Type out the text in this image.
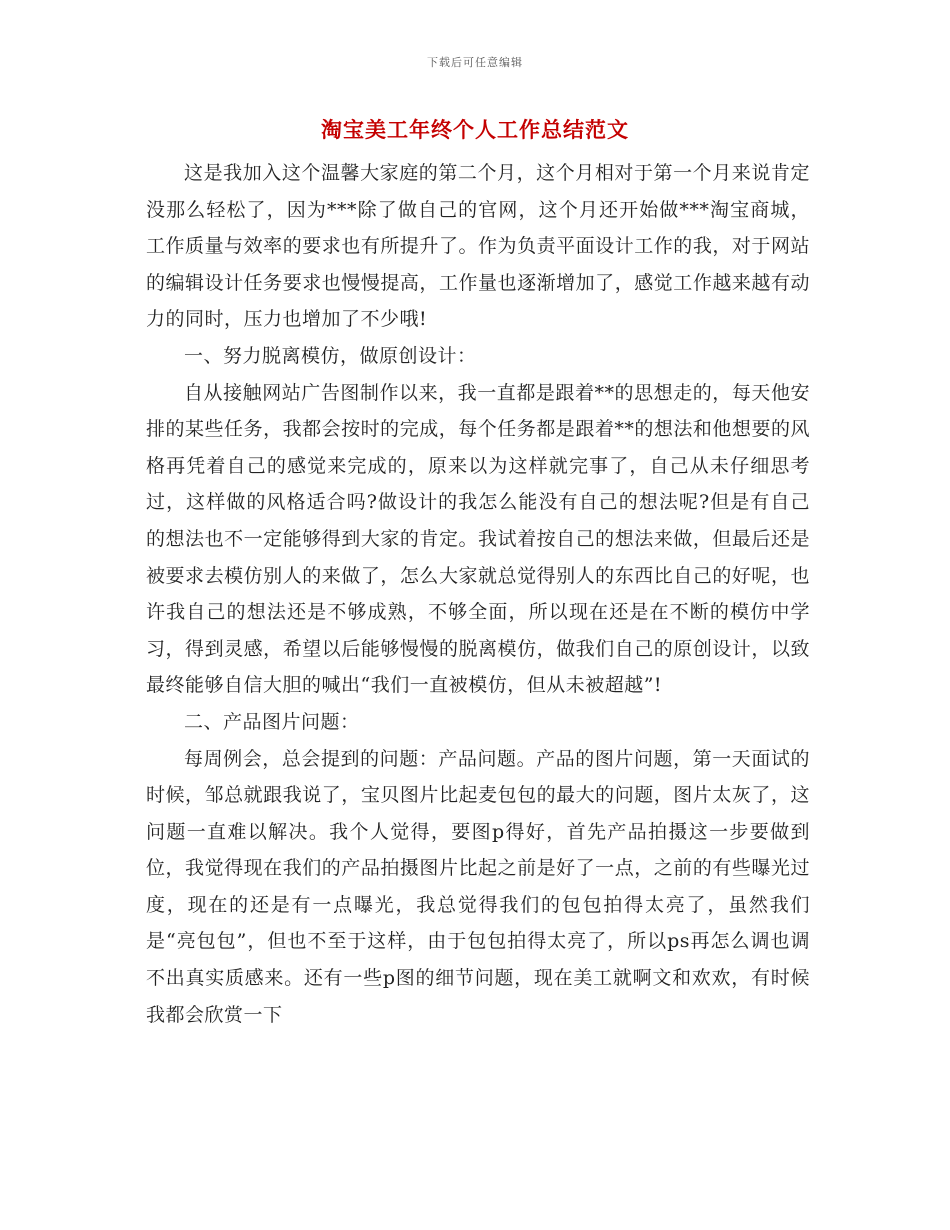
下载后可任意编辑
淘宝美工年终个人工作总结范文

这是我加入这个温馨大家庭的第二个月，这个月相对于第一个月来说肯定没那么轻松了，因为***除了做自己的官网，这个月还开始做***淘宝商城，工作质量与效率的要求也有所提升了。作为负责平面设计工作的我，对于网站的编辑设计任务要求也慢慢提高，工作量也逐渐增加了，感觉工作越来越有动力的同时，压力也增加了不少哦!

一、努力脱离模仿，做原创设计：

自从接触网站广告图制作以来，我一直都是跟着**的思想走的，每天他安排的某些任务，我都会按时的完成，每个任务都是跟着**的想法和他想要的风格再凭着自己的感觉来完成的，原来以为这样就完事了，自己从未仔细思考过，这样做的风格适合吗?做设计的我怎么能没有自己的想法呢?但是有自己的想法也不一定能够得到大家的肯定。我试着按自己的想法来做，但最后还是被要求去模仿别人的来做了，怎么大家就总觉得别人的东西比自己的好呢，也许我自己的想法还是不够成熟，不够全面，所以现在还是在不断的模仿中学习，得到灵感，希望以后能够慢慢的脱离模仿，做我们自己的原创设计，以致最终能够自信大胆的喊出“我们一直被模仿，但从未被超越”!

二、产品图片问题：

每周例会，总会提到的问题：产品问题。产品的图片问题，第一天面试的时候，邹总就跟我说了，宝贝图片比起麦包包的最大的问题，图片太灰了，这问题一直难以解决。我个人觉得，要图p得好，首先产品拍摄这一步要做到位，我觉得现在我们的产品拍摄图片比起之前是好了一点，之前的有些曝光过度，现在的还是有一点曝光，我总觉得我们的包包拍得太亮了，虽然我们是“亮包包”，但也不至于这样，由于包包拍得太亮了，所以ps再怎么调也调不出真实质感来。还有一些p图的细节问题，现在美工就啊文和欢欢，有时候我都会欣赏一下
